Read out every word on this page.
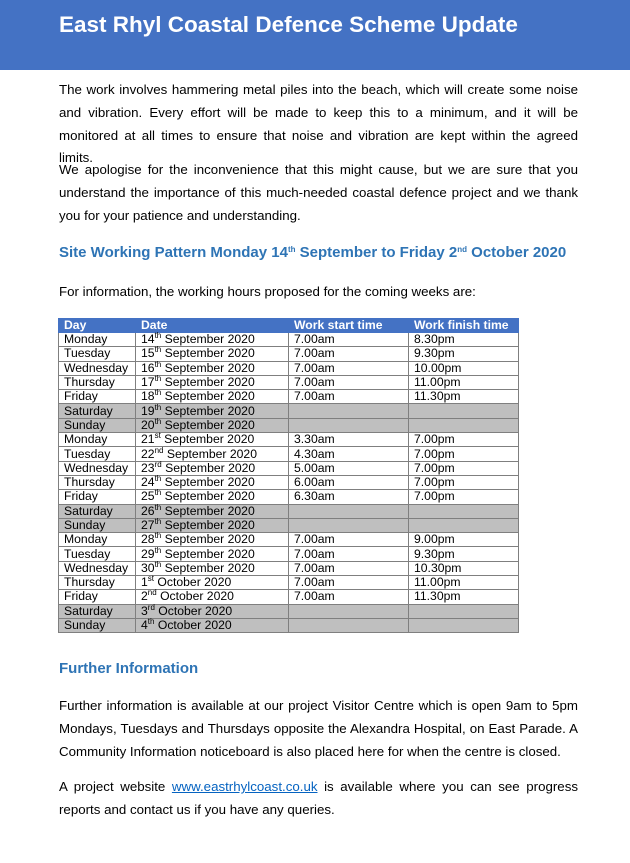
East Rhyl Coastal Defence Scheme Update

The work involves hammering metal piles into the beach, which will create some noise and vibration. Every effort will be made to keep this to a minimum, and it will be monitored at all times to ensure that noise and vibration are kept within the agreed limits.

We apologise for the inconvenience that this might cause, but we are sure that you understand the importance of this much-needed coastal defence project and we thank you for your patience and understanding.

Site Working Pattern Monday 14th September to Friday 2nd October 2020

For information, the working hours proposed for the coming weeks are:

Day	Date	Work start time	Work finish time
Monday	14th September 2020	7.00am	8.30pm
Tuesday	15th September 2020	7.00am	9.30pm
Wednesday	16th September 2020	7.00am	10.00pm
Thursday	17th September 2020	7.00am	11.00pm
Friday	18th September 2020	7.00am	11.30pm
Saturday	19th September 2020		
Sunday	20th September 2020		
Monday	21st September 2020	3.30am	7.00pm
Tuesday	22nd September 2020	4.30am	7.00pm
Wednesday	23rd September 2020	5.00am	7.00pm
Thursday	24th September 2020	6.00am	7.00pm
Friday	25th September 2020	6.30am	7.00pm
Saturday	26th September 2020		
Sunday	27th September 2020		
Monday	28th September 2020	7.00am	9.00pm
Tuesday	29th September 2020	7.00am	9.30pm
Wednesday	30th September 2020	7.00am	10.30pm
Thursday	1st October 2020	7.00am	11.00pm
Friday	2nd October 2020	7.00am	11.30pm
Saturday	3rd October 2020		
Sunday	4th October 2020		
Further Information

Further information is available at our project Visitor Centre which is open 9am to 5pm Mondays, Tuesdays and Thursdays opposite the Alexandra Hospital, on East Parade. A Community Information noticeboard is also placed here for when the centre is closed.

A project website www.eastrhylcoast.co.uk is available where you can see progress reports and contact us if you have any queries.
